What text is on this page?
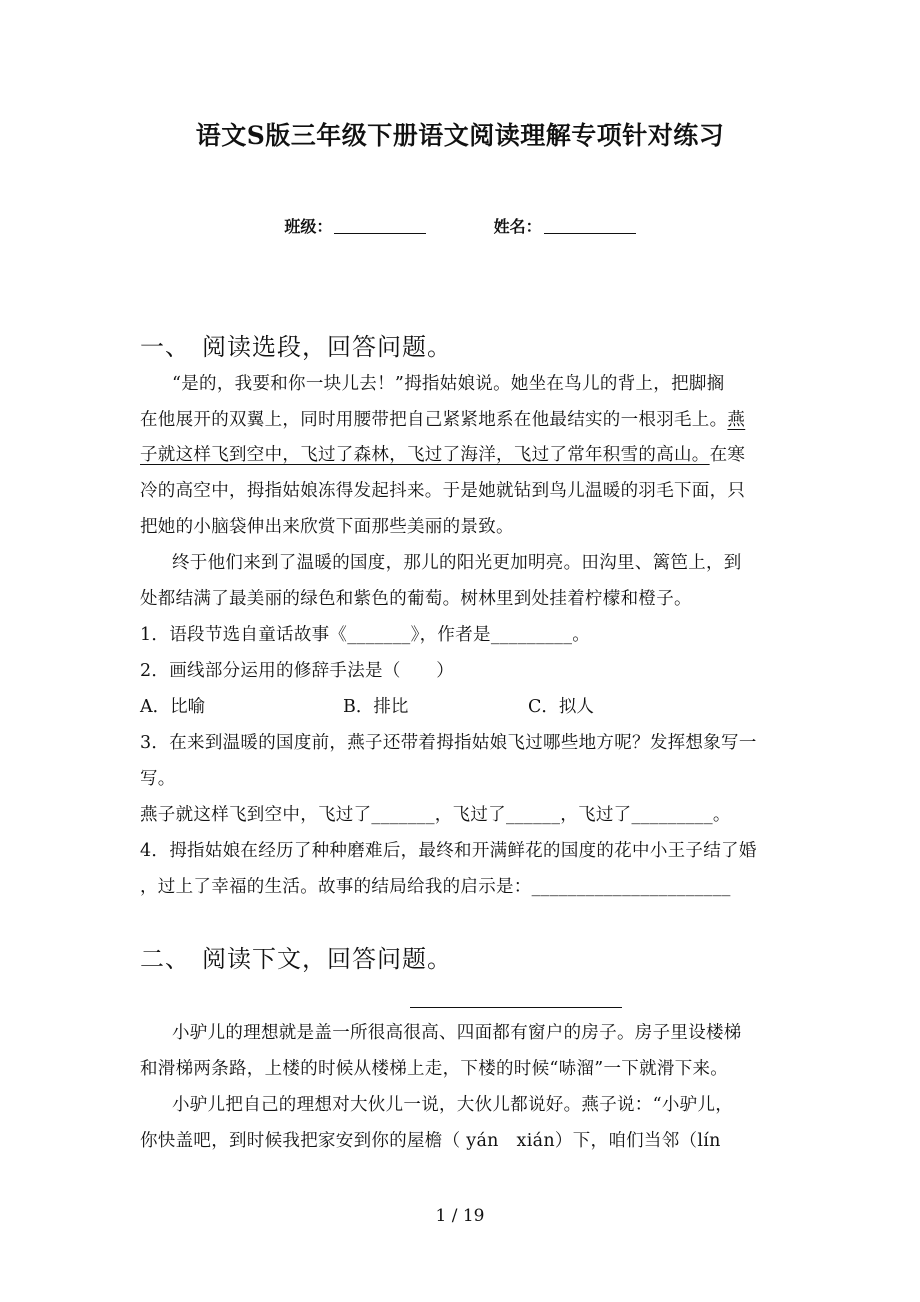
语文S版三年级下册语文阅读理解专项针对练习
班级：	姓名：
一、 阅读选段，回答问题。
“是的，我要和你一块儿去！”拇指姑娘说。她坐在鸟儿的背上，把脚搁
在他展开的双翼上，同时用腰带把自己紧紧地系在他最结实的一根羽毛上。燕
子就这样飞到空中，飞过了森林，飞过了海洋，飞过了常年积雪的高山。在寒
冷的高空中，拇指姑娘冻得发起抖来。于是她就钻到鸟儿温暖的羽毛下面，只
把她的小脑袋伸出来欣赏下面那些美丽的景致。
终于他们来到了温暖的国度，那儿的阳光更加明亮。田沟里、篱笆上，到
处都结满了最美丽的绿色和紫色的葡萄。树林里到处挂着柠檬和橙子。
1．语段节选自童话故事《_______》，作者是_________。
2．画线部分运用的修辞手法是（　　）
A．比喻	B．排比	C．拟人
3．在来到温暖的国度前，燕子还带着拇指姑娘飞过哪些地方呢？发挥想象写一
写。
燕子就这样飞到空中，飞过了_______，飞过了______，飞过了_________。
4．拇指姑娘在经历了种种磨难后，最终和开满鲜花的国度的花中小王子结了婚
，过上了幸福的生活。故事的结局给我的启示是：______________________
二、 阅读下文，回答问题。
小驴儿的理想就是盖一所很高很高、四面都有窗户的房子。房子里设楼梯
和滑梯两条路，上楼的时候从楼梯上走，下楼的时候“哧溜”一下就滑下来。
小驴儿把自己的理想对大伙儿一说，大伙儿都说好。燕子说：“小驴儿，
你快盖吧，到时候我把家安到你的屋檐（ yán　xián）下，咱们当邻（lín
1 / 19
